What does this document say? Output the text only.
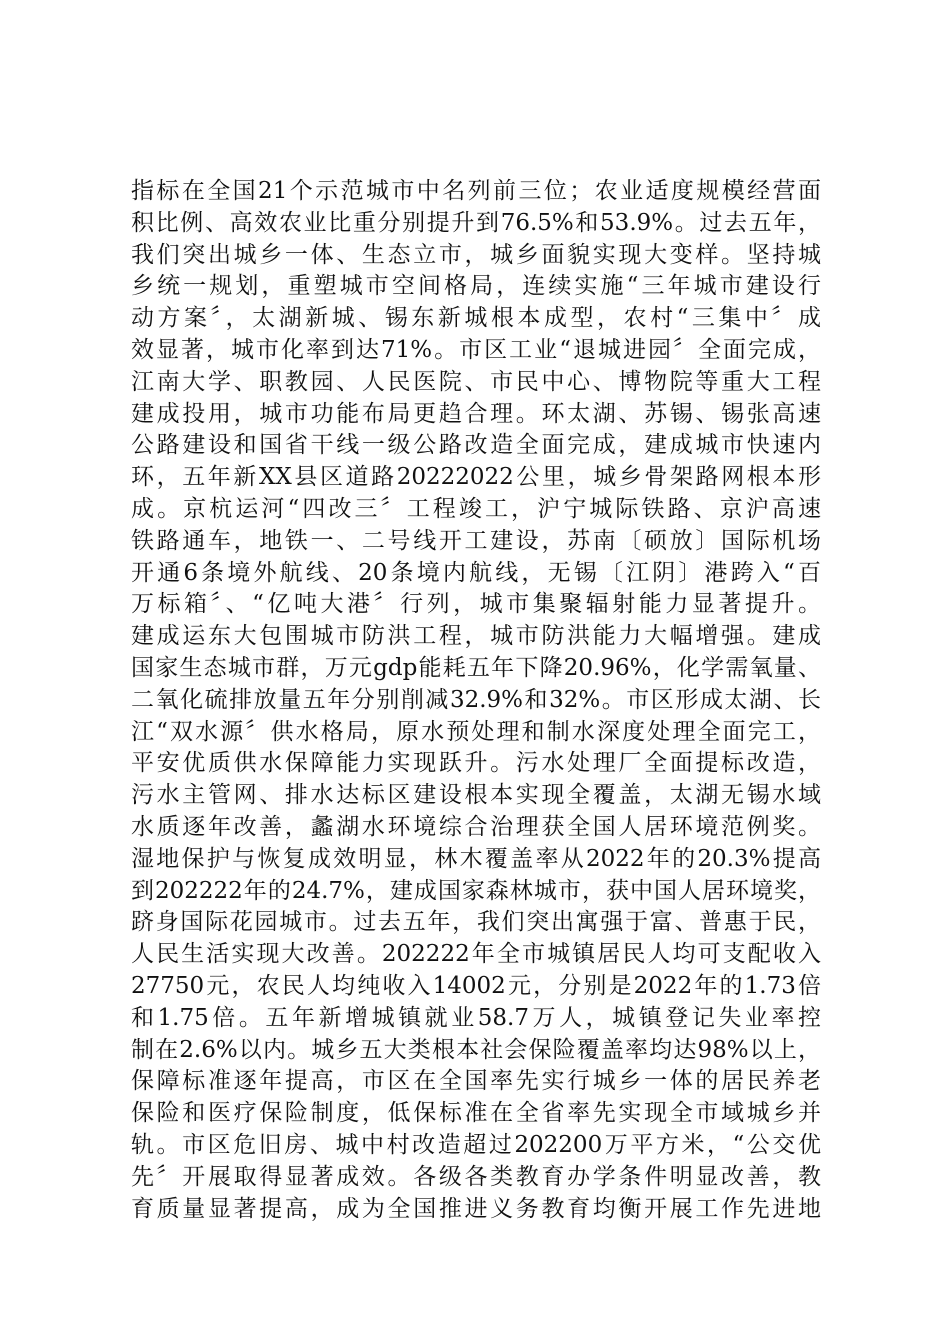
指标在全国21个示范城市中名列前三位；农业适度规模经营面
积比例、高效农业比重分别提升到76.5%和53.9%。过去五年，
我们突出城乡一体、生态立市，城乡面貌实现大变样。坚持城
乡统一规划，重塑城市空间格局，连续实施“三年城市建设行
动方案〞，太湖新城、锡东新城根本成型，农村“三集中〞成
效显著，城市化率到达71%。市区工业“退城进园〞全面完成，
江南大学、职教园、人民医院、市民中心、博物院等重大工程
建成投用，城市功能布局更趋合理。环太湖、苏锡、锡张高速
公路建设和国省干线一级公路改造全面完成，建成城市快速内
环，五年新XX县区道路20222022公里，城乡骨架路网根本形
成。京杭运河“四改三〞工程竣工，沪宁城际铁路、京沪高速
铁路通车，地铁一、二号线开工建设，苏南〔硕放〕国际机场
开通6条境外航线、20条境内航线，无锡〔江阴〕港跨入“百
万标箱〞、“亿吨大港〞行列，城市集聚辐射能力显著提升。
建成运东大包围城市防洪工程，城市防洪能力大幅增强。建成
国家生态城市群，万元gdp能耗五年下降20.96%，化学需氧量、
二氧化硫排放量五年分别削减32.9%和32%。市区形成太湖、长
江“双水源〞供水格局，原水预处理和制水深度处理全面完工，
平安优质供水保障能力实现跃升。污水处理厂全面提标改造，
污水主管网、排水达标区建设根本实现全覆盖，太湖无锡水域
水质逐年改善，蠡湖水环境综合治理获全国人居环境范例奖。
湿地保护与恢复成效明显，林木覆盖率从2022年的20.3%提高
到202222年的24.7%，建成国家森林城市，获中国人居环境奖，
跻身国际花园城市。过去五年，我们突出寓强于富、普惠于民，
人民生活实现大改善。202222年全市城镇居民人均可支配收入
27750元，农民人均纯收入14002元，分别是2022年的1.73倍
和1.75倍。五年新增城镇就业58.7万人，城镇登记失业率控
制在2.6%以内。城乡五大类根本社会保险覆盖率均达98%以上，
保障标准逐年提高，市区在全国率先实行城乡一体的居民养老
保险和医疗保险制度，低保标准在全省率先实现全市域城乡并
轨。市区危旧房、城中村改造超过202200万平方米，“公交优
先〞开展取得显著成效。各级各类教育办学条件明显改善，教
育质量显著提高，成为全国推进义务教育均衡开展工作先进地
